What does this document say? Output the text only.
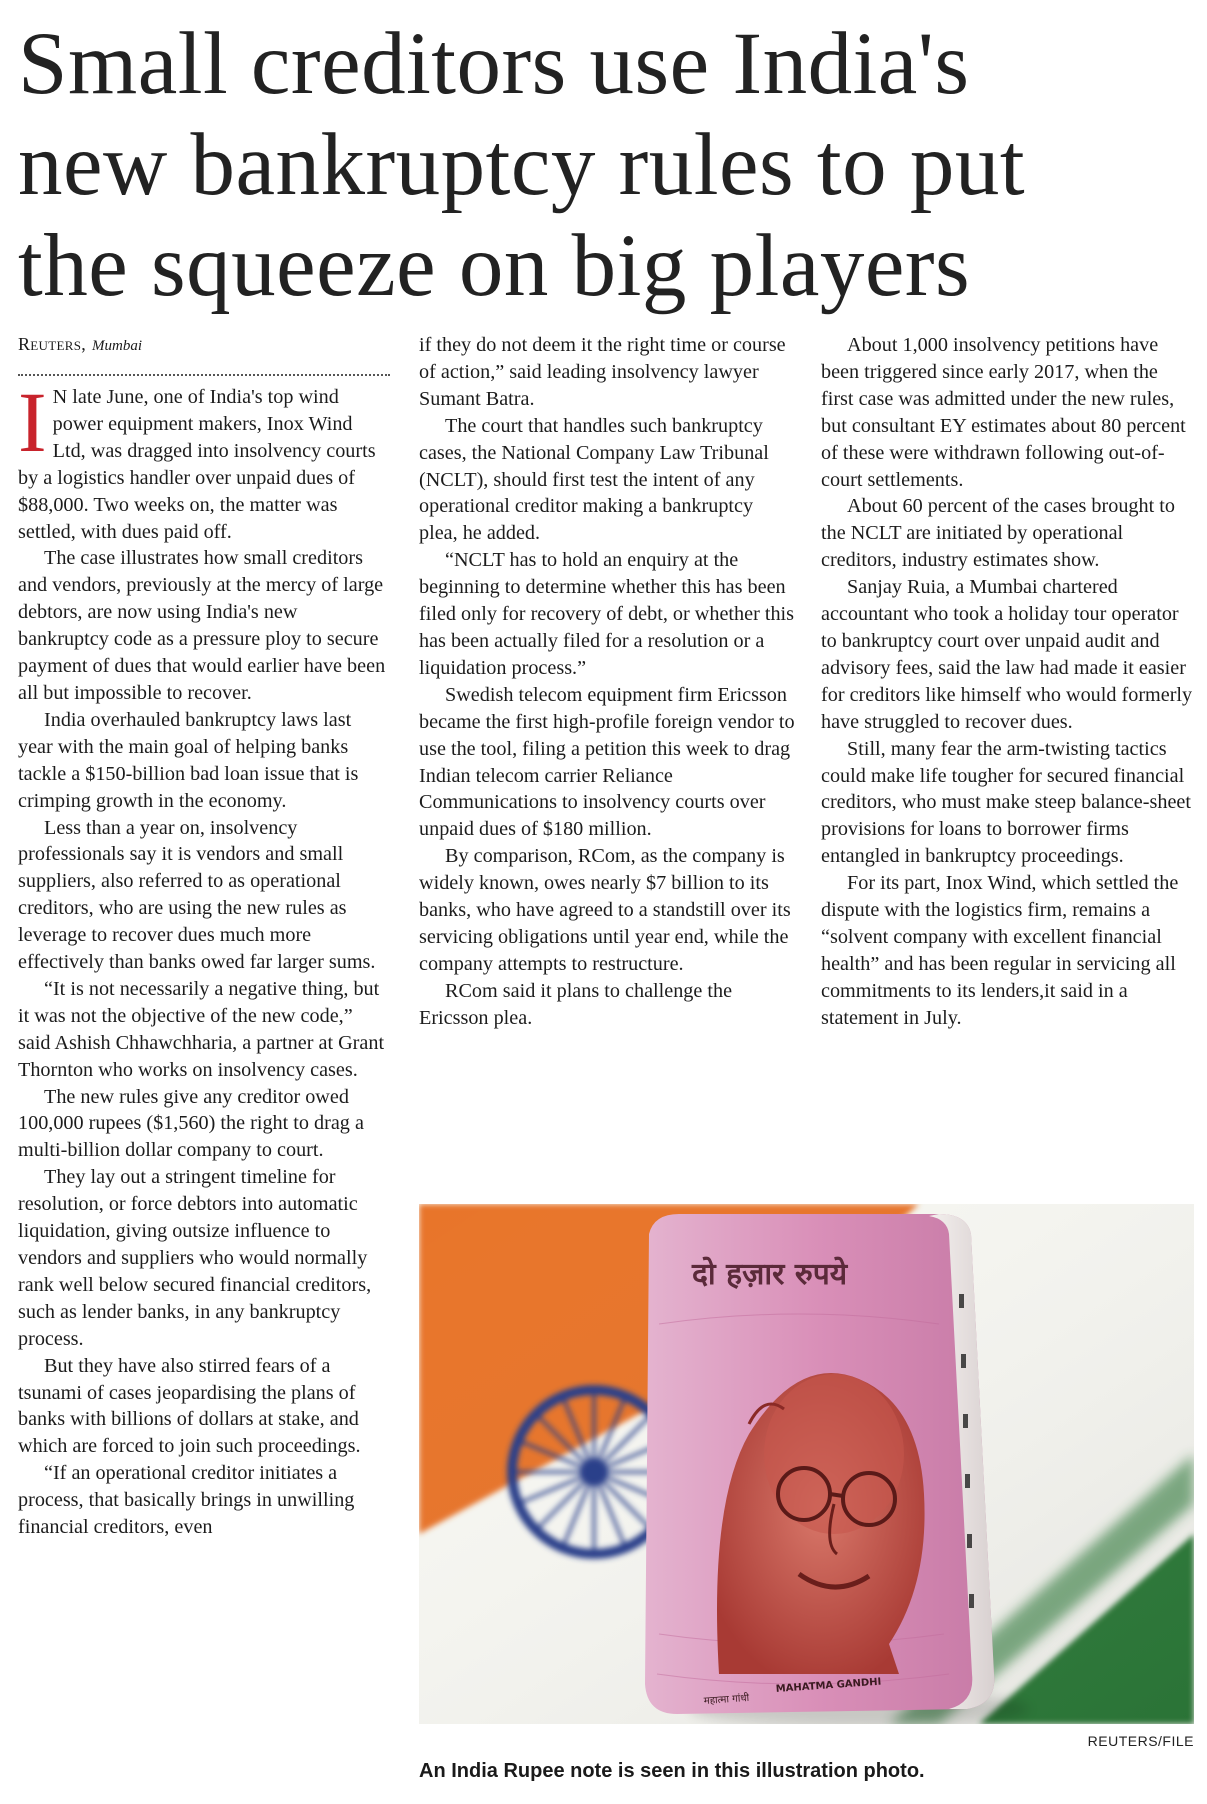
Small creditors use India's
new bankruptcy rules to put
the squeeze on big players
Reuters, Mumbai

I N late June, one of India's top wind power equipment makers, Inox Wind Ltd, was dragged into insolvency courts by a logistics handler over unpaid dues of $88,000. Two weeks on, the matter was settled, with dues paid off.

The case illustrates how small creditors and vendors, previously at the mercy of large debtors, are now using India's new bankruptcy code as a pressure ploy to secure payment of dues that would earlier have been all but impossible to recover.

India overhauled bankruptcy laws last year with the main goal of helping banks tackle a $150-billion bad loan issue that is crimping growth in the economy.

Less than a year on, insolvency professionals say it is vendors and small suppliers, also referred to as operational creditors, who are using the new rules as leverage to recover dues much more effectively than banks owed far larger sums.

“It is not necessarily a negative thing, but it was not the objective of the new code,” said Ashish Chhawchharia, a partner at Grant Thornton who works on insolvency cases.

The new rules give any creditor owed 100,000 rupees ($1,560) the right to drag a multi-billion dollar company to court.

They lay out a stringent timeline for resolution, or force debtors into automatic liquidation, giving outsize influence to vendors and suppliers who would normally rank well below secured financial creditors, such as lender banks, in any bankruptcy process.

But they have also stirred fears of a tsunami of cases jeopardising the plans of banks with billions of dollars at stake, and which are forced to join such proceedings.

“If an operational creditor initiates a process, that basically brings in unwilling financial creditors, even

if they do not deem it the right time or course of action,” said leading insolvency lawyer Sumant Batra.

The court that handles such bankruptcy cases, the National Company Law Tribunal (NCLT), should first test the intent of any operational creditor making a bankruptcy plea, he added.

“NCLT has to hold an enquiry at the beginning to determine whether this has been filed only for recovery of debt, or whether this has been actually filed for a resolution or a liquidation process.”

Swedish telecom equipment firm Ericsson became the first high-profile foreign vendor to use the tool, filing a petition this week to drag Indian telecom carrier Reliance Communications to insolvency courts over unpaid dues of $180 million.

By comparison, RCom, as the company is widely known, owes nearly $7 billion to its banks, who have agreed to a standstill over its servicing obligations until year end, while the company attempts to restructure.

RCom said it plans to challenge the Ericsson plea.

About 1,000 insolvency petitions have been triggered since early 2017, when the first case was admitted under the new rules, but consultant EY estimates about 80 percent of these were withdrawn following out-of-court settlements.

About 60 percent of the cases brought to the NCLT are initiated by operational creditors, industry estimates show.

Sanjay Ruia, a Mumbai chartered accountant who took a holiday tour operator to bankruptcy court over unpaid audit and advisory fees, said the law had made it easier for creditors like himself who would formerly have struggled to recover dues.

Still, many fear the arm-twisting tactics could make life tougher for secured financial creditors, who must make steep balance-sheet provisions for loans to borrower firms entangled in bankruptcy proceedings.

For its part, Inox Wind, which settled the dispute with the logistics firm, remains a “solvent company with excellent financial health” and has been regular in servicing all commitments to its lenders,it said in a statement in July.

दो हज़ार रुपये
MAHATMA GANDHI
महात्मा गांधी
REUTERS/FILE
An India Rupee note is seen in this illustration photo.
